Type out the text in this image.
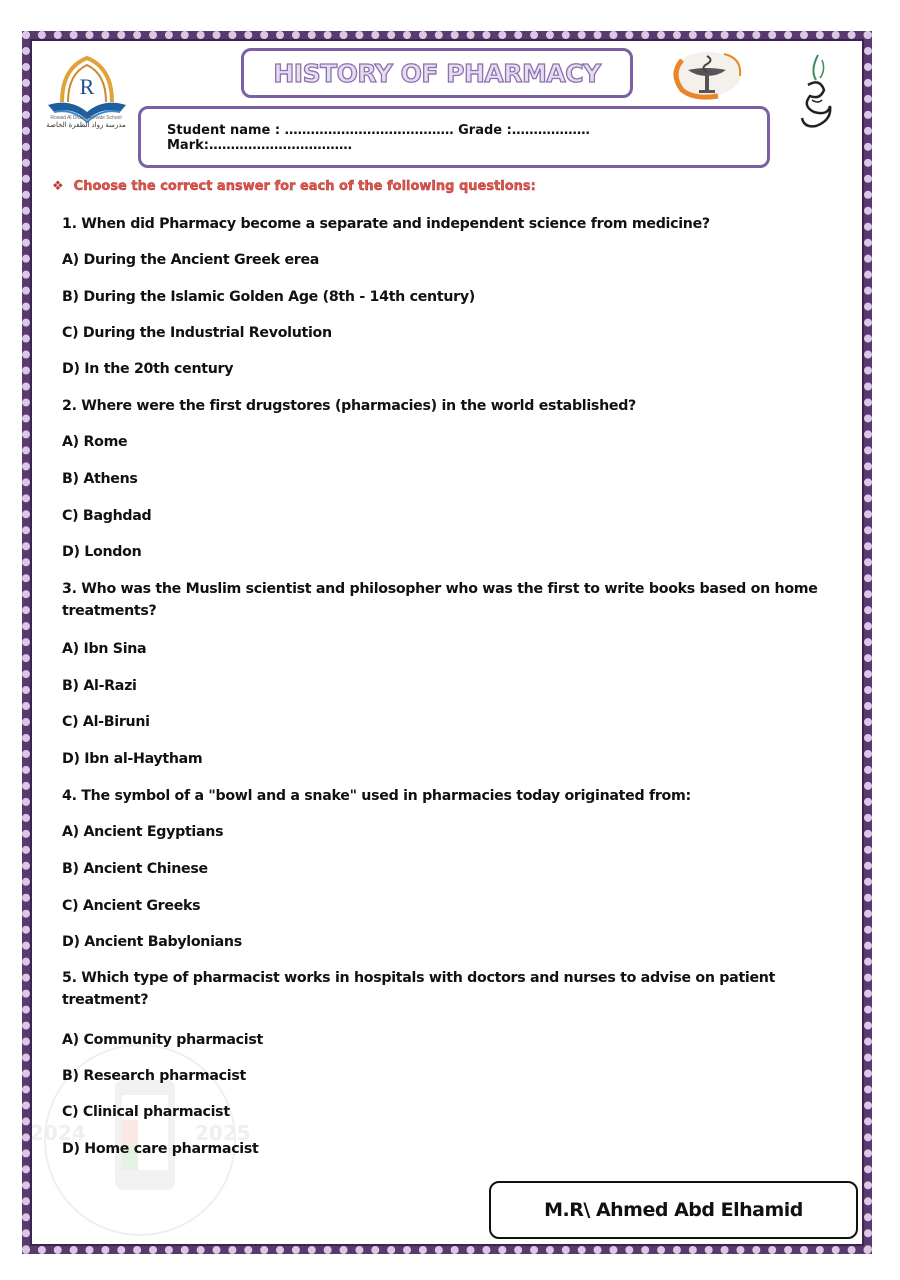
R
Rowad Al Dhafra Private School
مدرسة رواد الظفرة الخاصة
HISTORY OF PHARMACY
Student name : ………………………………… Grade :……………… Mark:……………………………
❖ Choose the correct answer for each of the following questions:
1. When did Pharmacy become a separate and independent science from medicine?
A) During the Ancient Greek erea
B) During the Islamic Golden Age (8th - 14th century)
C) During the Industrial Revolution
D) In the 20th century
2. Where were the first drugstores (pharmacies) in the world established?
A) Rome
B) Athens
C) Baghdad
D) London
3. Who was the Muslim scientist and philosopher who was the first to write books based on home treatments?
A) Ibn Sina
B) Al-Razi
C) Al-Biruni
D) Ibn al-Haytham
4. The symbol of a "bowl and a snake" used in pharmacies today originated from:
A) Ancient Egyptians
B) Ancient Chinese
C) Ancient Greeks
D) Ancient Babylonians
5. Which type of pharmacist works in hospitals with doctors and nurses to advise on patient treatment?
A) Community pharmacist
B) Research pharmacist
C) Clinical pharmacist
D) Home care pharmacist
M.R\ Ahmed Abd Elhamid
